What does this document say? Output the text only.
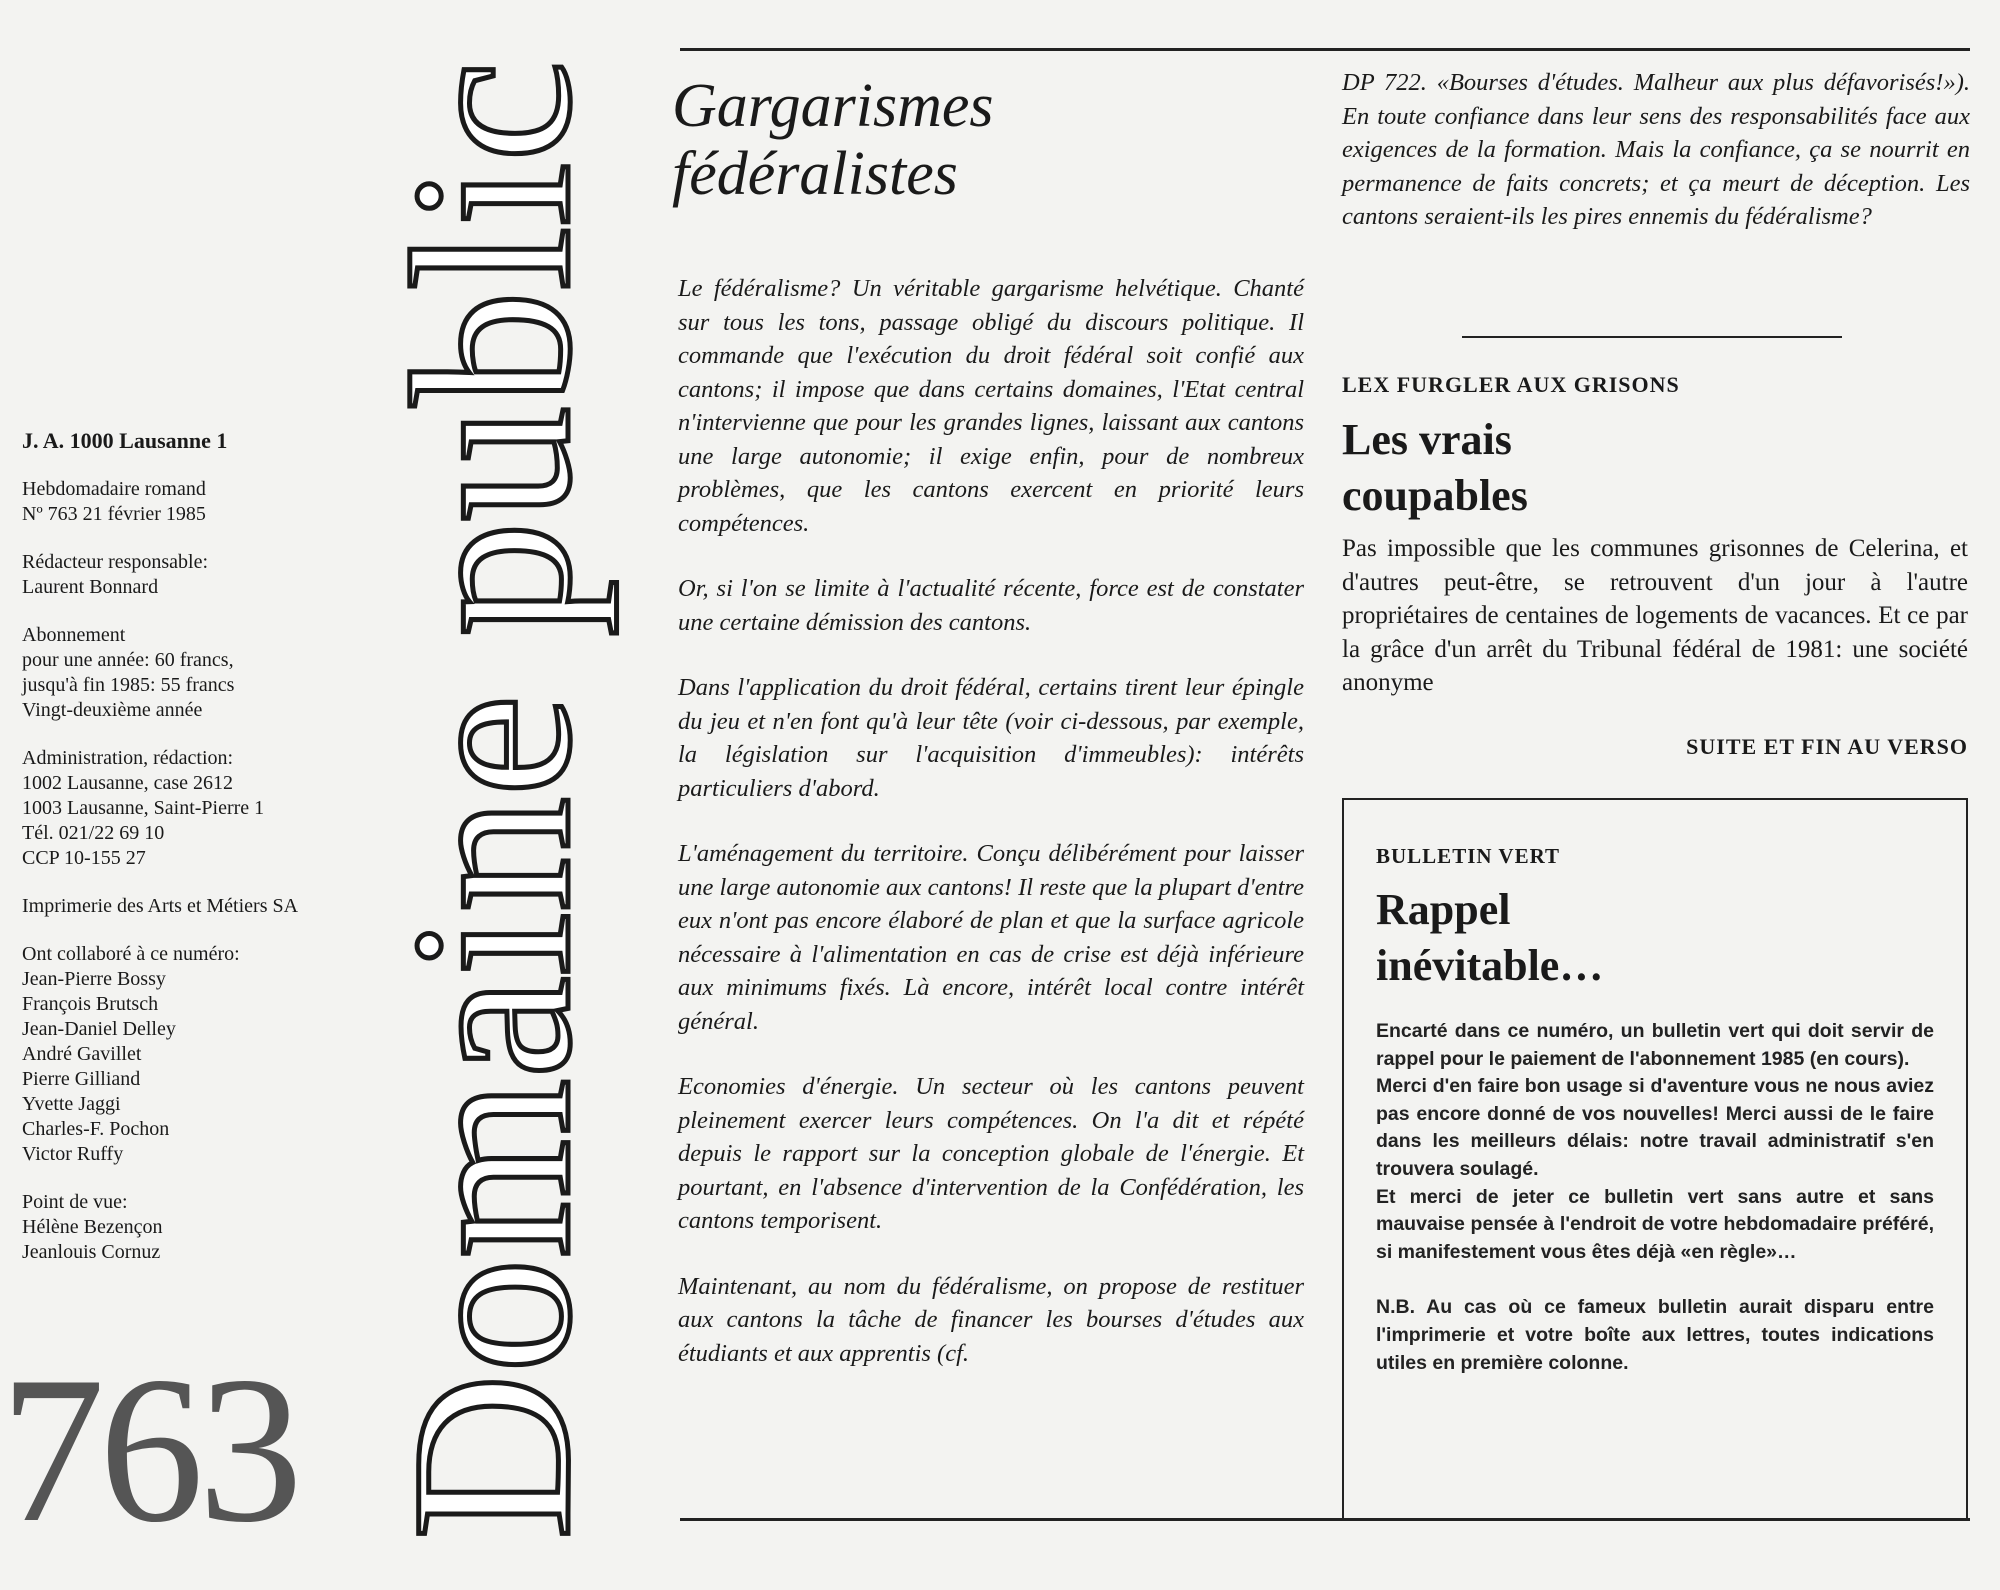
J. A. 1000 Lausanne 1
Hebdomadaire romand
Nº 763 21 février 1985
Rédacteur responsable:
Laurent Bonnard
Abonnement
pour une année: 60 francs,
jusqu'à fin 1985: 55 francs
Vingt-deuxième année
Administration, rédaction:
1002 Lausanne, case 2612
1003 Lausanne, Saint-Pierre 1
Tél. 021/22 69 10
CCP 10-155 27
Imprimerie des Arts et Métiers SA
Ont collaboré à ce numéro:
Jean-Pierre Bossy
François Brutsch
Jean-Daniel Delley
André Gavillet
Pierre Gilliand
Yvette Jaggi
Charles-F. Pochon
Victor Ruffy
Point de vue:
Hélène Bezençon
Jeanlouis Cornuz
763 Domaine public Gargarismes
fédéralistes

Le fédéralisme? Un véritable gargarisme helvétique. Chanté sur tous les tons, passage obligé du discours politique. Il commande que l'exécution du droit fédéral soit confié aux cantons; il impose que dans certains domaines, l'Etat central n'intervienne que pour les grandes lignes, laissant aux cantons une large autonomie; il exige enfin, pour de nombreux problèmes, que les cantons exercent en priorité leurs compétences.

Or, si l'on se limite à l'actualité récente, force est de constater une certaine démission des cantons.

Dans l'application du droit fédéral, certains tirent leur épingle du jeu et n'en font qu'à leur tête (voir ci-dessous, par exemple, la législation sur l'acquisition d'immeubles): intérêts particuliers d'abord.

L'aménagement du territoire. Conçu délibérément pour laisser une large autonomie aux cantons! Il reste que la plupart d'entre eux n'ont pas encore élaboré de plan et que la surface agricole nécessaire à l'alimentation en cas de crise est déjà inférieure aux minimums fixés. Là encore, intérêt local contre intérêt général.

Economies d'énergie. Un secteur où les cantons peuvent pleinement exercer leurs compétences. On l'a dit et répété depuis le rapport sur la conception globale de l'énergie. Et pourtant, en l'absence d'intervention de la Confédération, les cantons temporisent.

Maintenant, au nom du fédéralisme, on propose de restituer aux cantons la tâche de financer les bourses d'études aux étudiants et aux apprentis (cf.

DP 722. «Bourses d'études. Malheur aux plus défavorisés!»). En toute confiance dans leur sens des responsabilités face aux exigences de la formation. Mais la confiance, ça se nourrit en permanence de faits concrets; et ça meurt de déception. Les cantons seraient-ils les pires ennemis du fédéralisme?
LEX FURGLER AUX GRISONS
Les vrais
coupables
Pas impossible que les communes grisonnes de Celerina, et d'autres peut-être, se retrouvent d'un jour à l'autre propriétaires de centaines de logements de vacances. Et ce par la grâce d'un arrêt du Tribunal fédéral de 1981: une société anonyme
SUITE ET FIN AU VERSO
BULLETIN VERT
Rappel
inévitable…

Encarté dans ce numéro, un bulletin vert qui doit servir de rappel pour le paiement de l'abonnement 1985 (en cours).

Merci d'en faire bon usage si d'aventure vous ne nous aviez pas encore donné de vos nouvelles! Merci aussi de le faire dans les meilleurs délais: notre travail administratif s'en trouvera soulagé.

Et merci de jeter ce bulletin vert sans autre et sans mauvaise pensée à l'endroit de votre hebdomadaire préféré, si manifestement vous êtes déjà «en règle»…

N.B. Au cas où ce fameux bulletin aurait disparu entre l'imprimerie et votre boîte aux lettres, toutes indications utiles en première colonne.
